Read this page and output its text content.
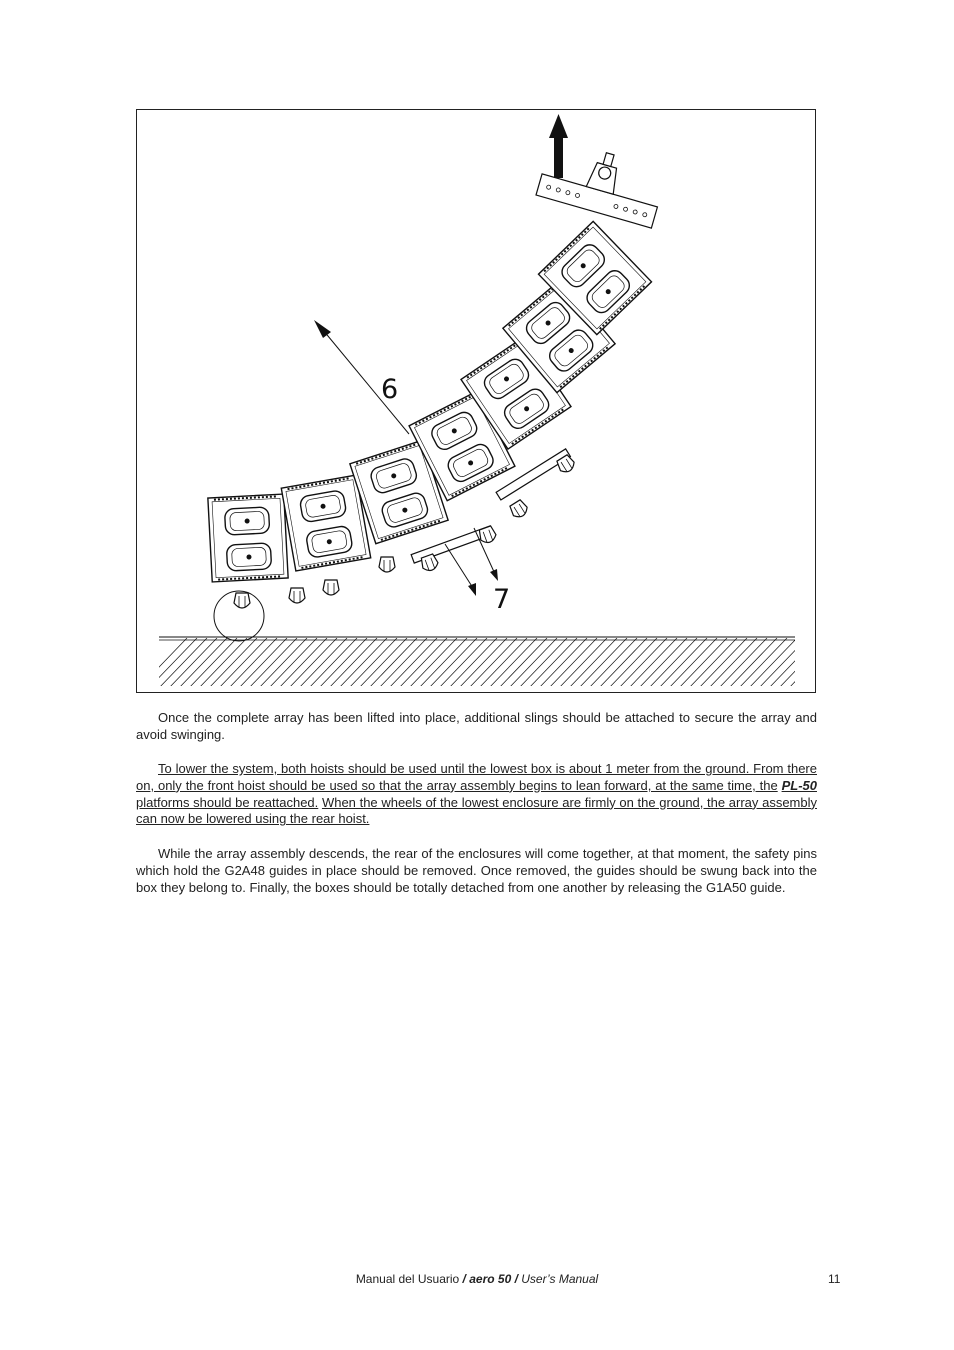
6
7

Once the complete array has been lifted into place, additional slings should be attached to secure the array and avoid swinging.

To lower the system, both hoists should be used until the lowest box is about 1 meter from the ground. From there on, only the front hoist should be used so that the array assembly begins to lean forward, at the same time, the PL-50 platforms should be reattached. When the wheels of the lowest enclosure are firmly on the ground, the array assembly can now be lowered using the rear hoist.

While the array assembly descends, the rear of the enclosures will come together, at that moment, the safety pins which hold the G2A48 guides in place should be removed. Once removed, the guides should be swung back into the box they belong to. Finally, the boxes should be totally detached from one another by releasing the G1A50 guide.

Manual del Usuario / aero 50 / User’s Manual	11
